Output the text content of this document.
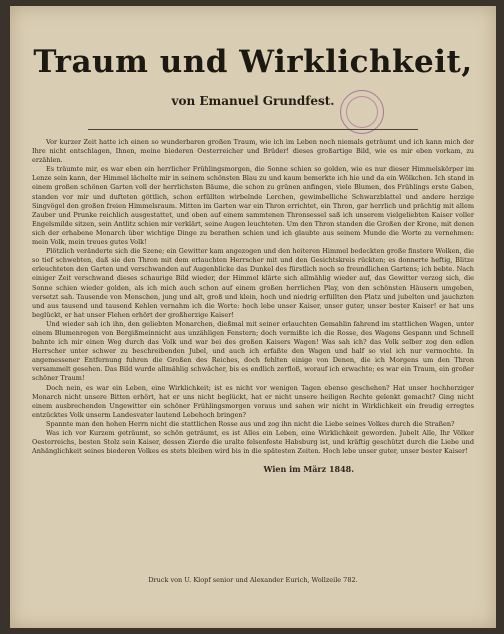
Traum und Wirklichkeit,
von Emanuel Grundfest.

Vor kurzer Zeit hatte ich einen so wunderbaren großen Traum, wie ich im Leben noch niemals geträumt und ich kann mich der Ihre nicht entschlagen, Ihnen, meine biederen Oesterreicher und Brüder! dieses großartige Bild, wie es mir eben vorkam, zu erzählen.

Es träumte mir, es war eben ein herrlicher Frühlingsmorgen, die Sonne schien so golden, wie es nur dieser Himmelskörper im Lenze sein kann, der Himmel lächelte mir in seinem schönsten Blau zu und kaum bemerkte ich hie und da ein Wölkchen. Ich stand in einem großen schönen Garten voll der herrlichsten Bäume, die schon zu grünen anfingen, viele Blumen, des Frühlings erste Gaben, standen vor mir und dufteten göttlich, schon erfüllten wirbelnde Lerchen, gewimbelliche Schwarzblattel und andere herzige Singvögel den großen freien Himmelsraum. Mitten im Garten war ein Thron errichtet, ein Thron, gar herrlich und prächtig mit allem Zauber und Prunke reichlich ausgestattet, und oben auf einem sammtenen Thronsessel saß ich unserem vielgeliebten Kaiser voller Engelsmilde sitzen, sein Antlitz schien mir verklärt, seine Augen leuchteten. Um den Thron standen die Großen der Krone, mit denen sich der erhabene Monarch über wichtige Dinge zu berathen schien und ich glaubte aus seinem Munde die Worte zu vernehmen: mein Volk, mein treues gutes Volk!

Plötzlich veränderte sich die Szene; ein Gewitter kam angezogen und den heiteren Himmel bedeckten große finstere Wolken, die so tief schwebten, daß sie den Thron mit dem erlauchten Herrscher mit und den Gesichtskreis rückten; es donnerte heftig, Blitze erleuchteten den Garten und verschwanden auf Augenblicke das Dunkel des fürstlich noch so freundlichen Gartens; ich bebte. Nach einiger Zeit verschwand dieses schaurige Bild wieder, der Himmel klärte sich allmählig wieder auf, das Gewitter verzog sich, die Sonne schien wieder golden, als ich mich auch schon auf einem großen herrlichen Play, von den schönsten Häusern umgeben, versetzt sah. Tausende von Menschen, jung und alt, groß und klein, hoch und niedrig erfüllten den Platz und jubelten und jauchzten und aus tausend und tausend Kehlen vernahm ich die Worte: hoch lebe unser Kaiser, unser guter, unser bester Kaiser! er hat uns beglückt, er hat unser Flehen erhört der großherzige Kaiser!

Und wieder sah ich ihn, den geliebten Monarchen, dießmal mit seiner erlauchten Gemahlin fahrend im stattlichen Wagen, unter einem Blumenregen von Bergißmeinnicht aus unzähligen Fenstern; doch vermißte ich die Rosse, des Wagens Gespann und Schnell bahnte ich mir einen Weg durch das Volk und war bei des großen Kaisers Wagen! Was sah ich? das Volk selber zog den edlen Herrscher unter schwer zu beschreibenden Jubel, und auch ich erfaßte den Wagen und half so viel ich nur vermochte. In angemessener Entfernung fuhren die Großen des Reiches, doch fehlten einige von Denen, die ich Morgens um den Thron versammelt gesehen. Das Bild wurde allmählig schwächer, bis es endlich zerfloß, worauf ich erwachte; es war ein Traum, ein großer schöner Traum!

Doch nein, es war ein Leben, eine Wirklichkeit; ist es nicht vor wenigen Tagen ebenso geschehen? Hat unser hochherziger Monarch nicht unsere Bitten erhört, hat er uns nicht beglückt, hat er nicht unsere heiligen Rechte gelenkt gemacht? Ging nicht einem ausbrechenden Ungewitter ein schöner Frühlingsmorgen voraus und sahen wir nicht in Wirklichkeit ein freudig erregtes entzücktes Volk unserm Landesvater lautend Lebehoch bringen?

Spannte man den hohen Herrn nicht die stattlichen Rosse aus und zog ihn nicht die Liebe seines Volkes durch die Straßen?

Was ich vor Kurzem geträumt, so schön geträumt, es ist Alles ein Leben, eine Wirklichkeit geworden. Jubelt Alle, Ihr Völker Oesterreichs, besten Stolz sein Kaiser, dessen Zierde die uralte felsenfeste Habsburg ist, und kräftig geschützt durch die Liebe und Anhänglichkeit seines biederen Volkes es stets bleiben wird bis in die spätesten Zeiten. Hoch lebe unser guter, unser bester Kaiser!

Wien im März 1848.
Druck von U. Klopf senior und Alexander Eurich, Wollzeile 782.
